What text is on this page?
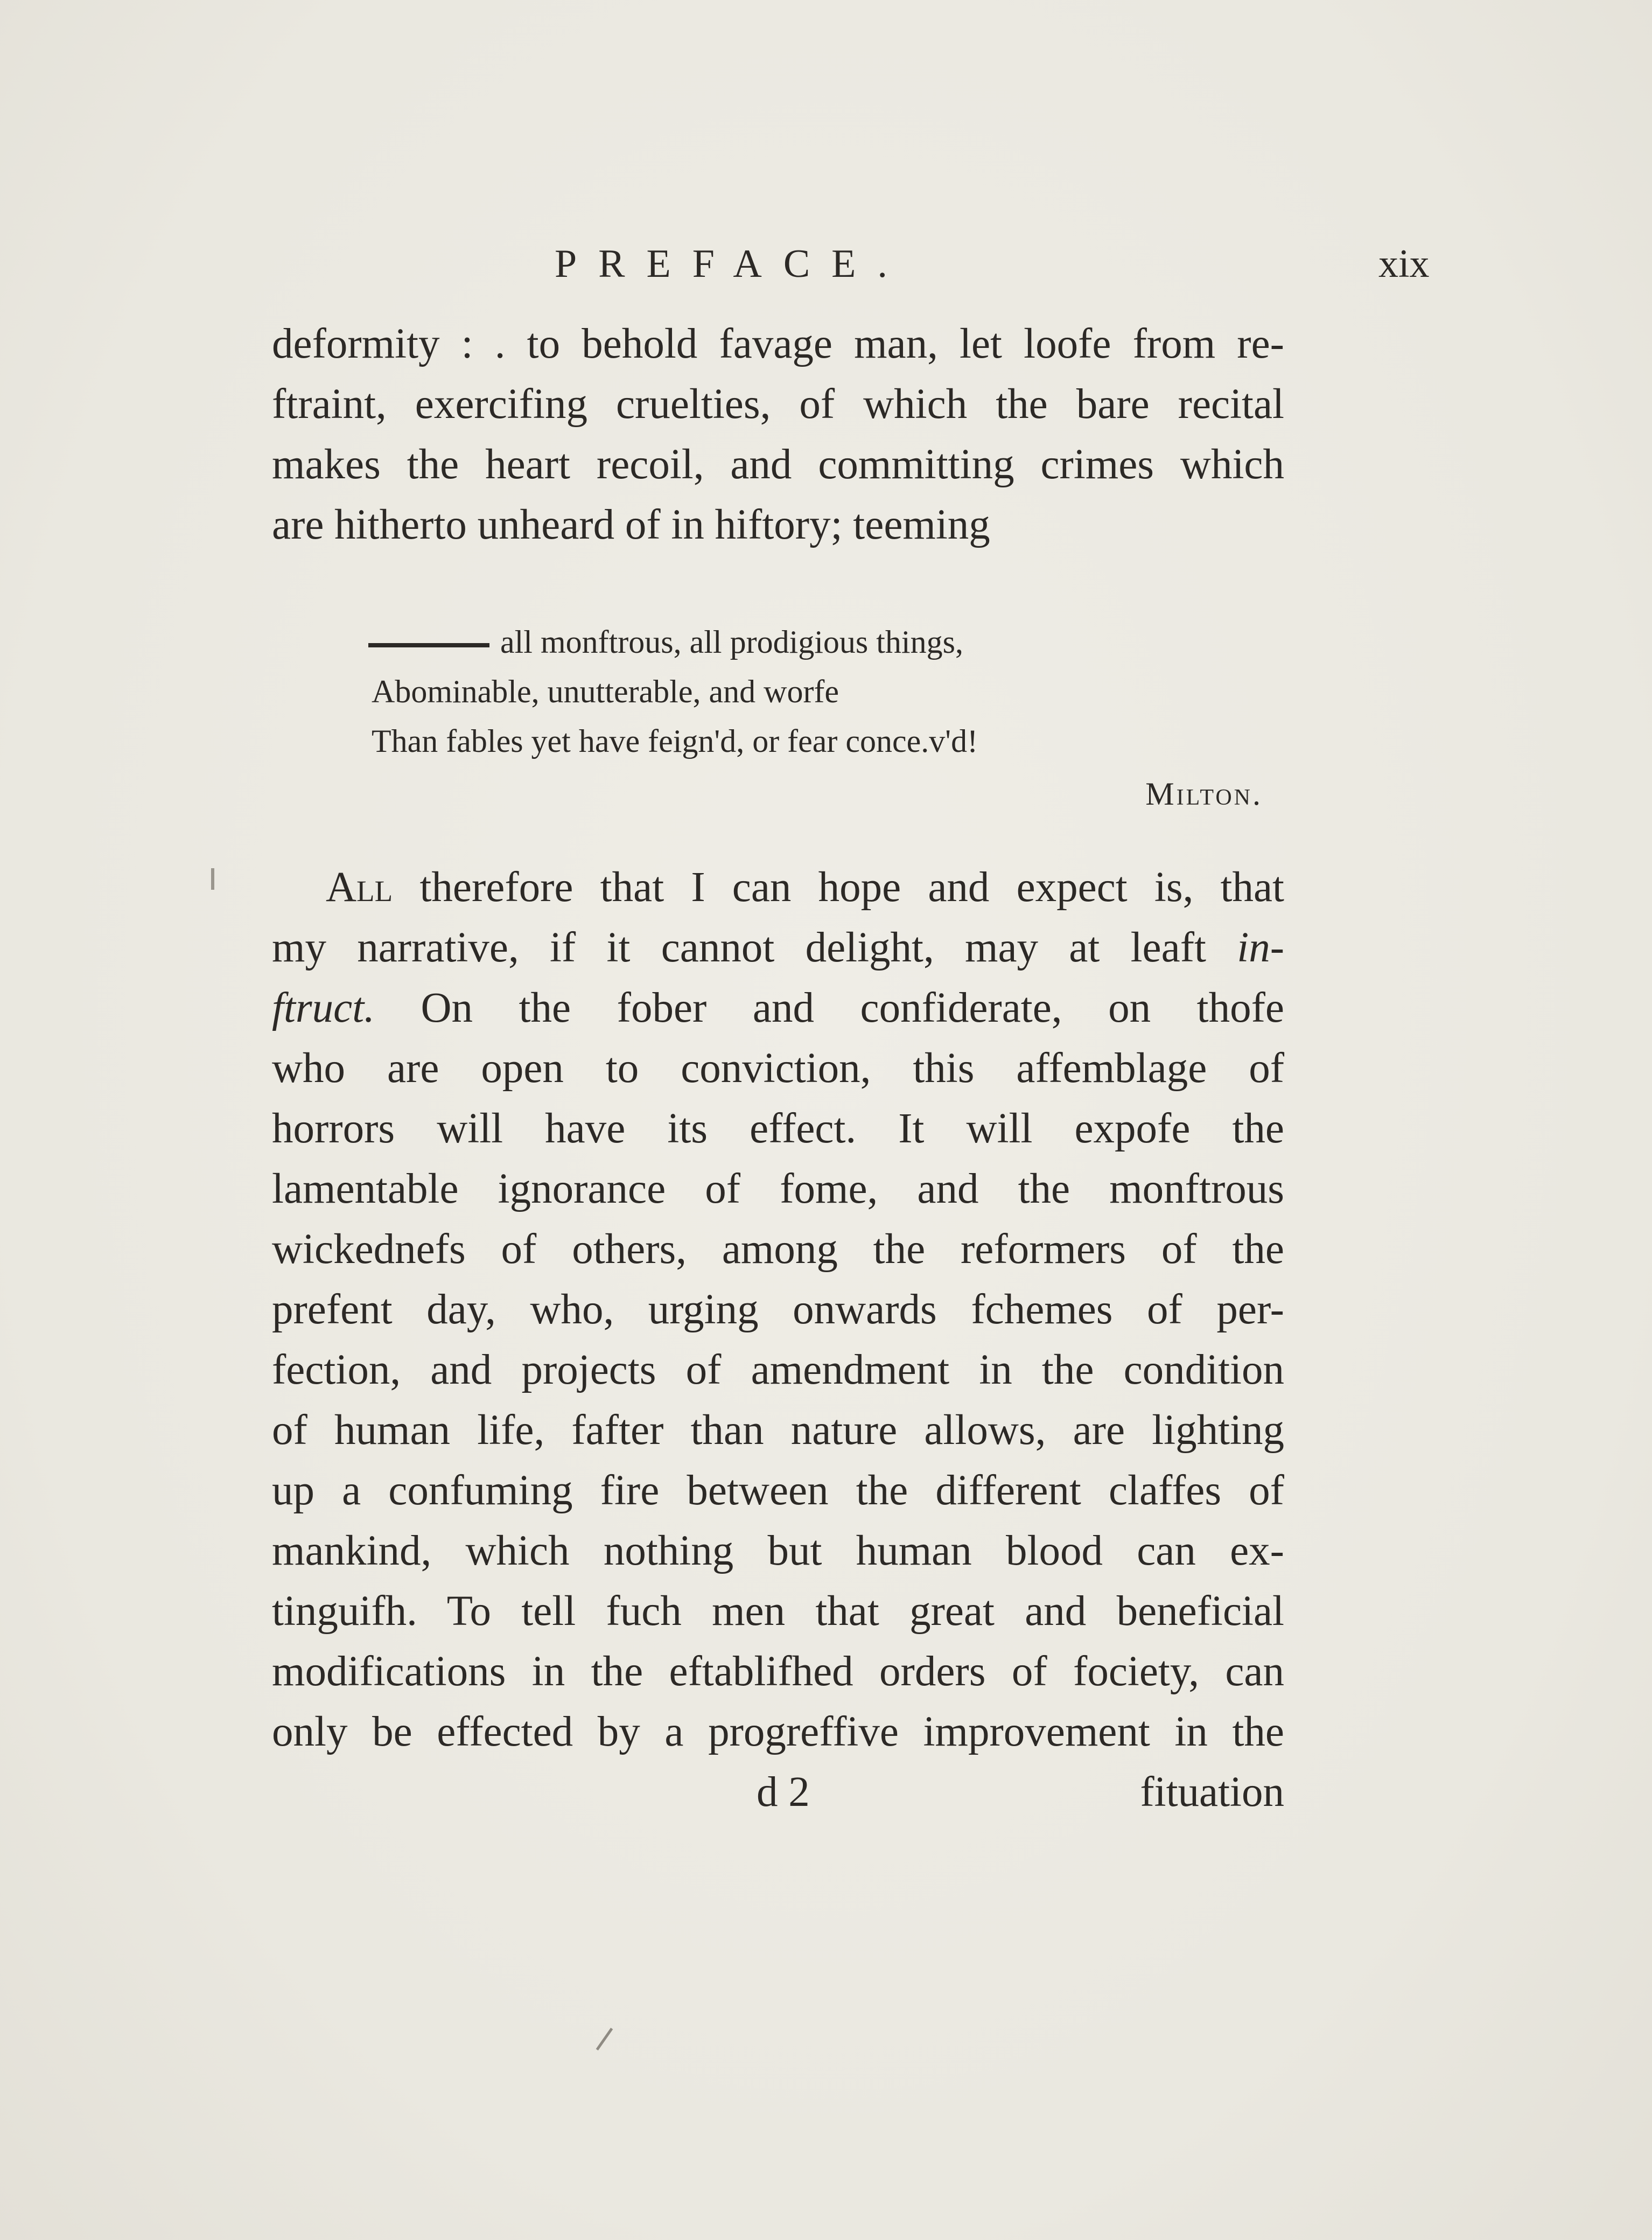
PREFACE.	xix
deformity : . to behold favage man, let loofe from re-
ftraint, exercifing cruelties, of which the bare recital
makes the heart recoil, and committing crimes which
are hitherto unheard of in hiftory; teeming
all monftrous, all prodigious things,
Abominable, unutterable, and worfe
Than fables yet have feign'd, or fear conce.v'd!
Milton.
All therefore that I can hope and expect is, that
my narrative, if it cannot delight, may at leaft in-
ftruct. On the fober and confiderate, on thofe
who are open to conviction, this affemblage of
horrors will have its effect. It will expofe the
lamentable ignorance of fome, and the monftrous
wickednefs of others, among the reformers of the
prefent day, who, urging onwards fchemes of per-
fection, and projects of amendment in the condition
of human life, fafter than nature allows, are lighting
up a confuming fire between the different claffes of
mankind, which nothing but human blood can ex-
tinguifh. To tell fuch men that great and beneficial
modifications in the eftablifhed orders of fociety, can
only be effected by a progreffive improvement in the
d 2	fituation
